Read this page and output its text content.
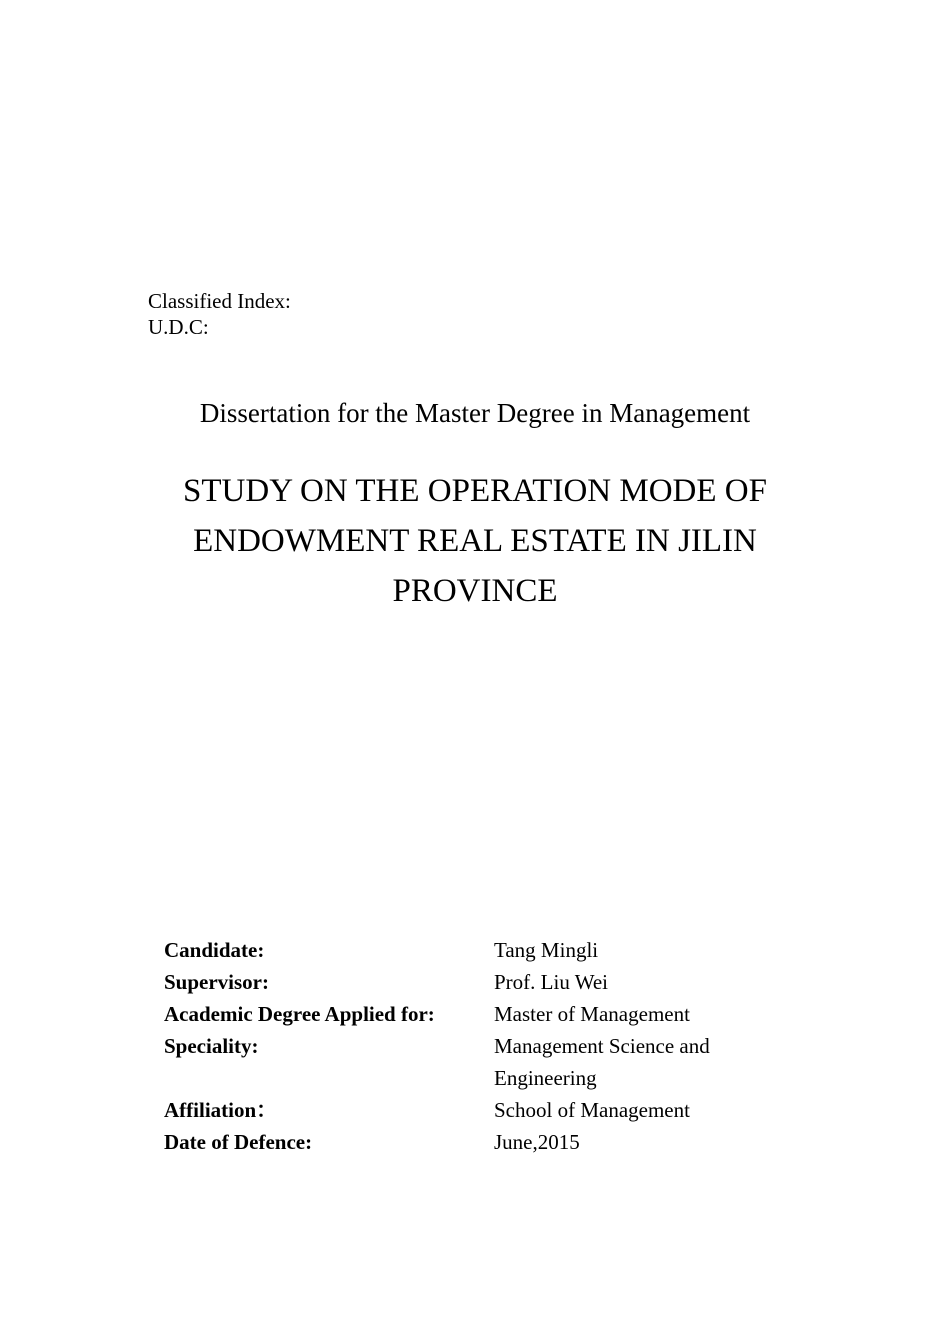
Classified Index:
U.D.C:
Dissertation for the Master Degree in Management
STUDY ON THE OPERATION MODE OF
ENDOWMENT REAL ESTATE IN JILIN
PROVINCE
Candidate:	Tang Mingli
Supervisor:	Prof. Liu Wei
Academic Degree Applied for:	Master of Management
Speciality:	Management Science and
Engineering
Affiliation：	School of Management
Date of Defence:	June,2015
